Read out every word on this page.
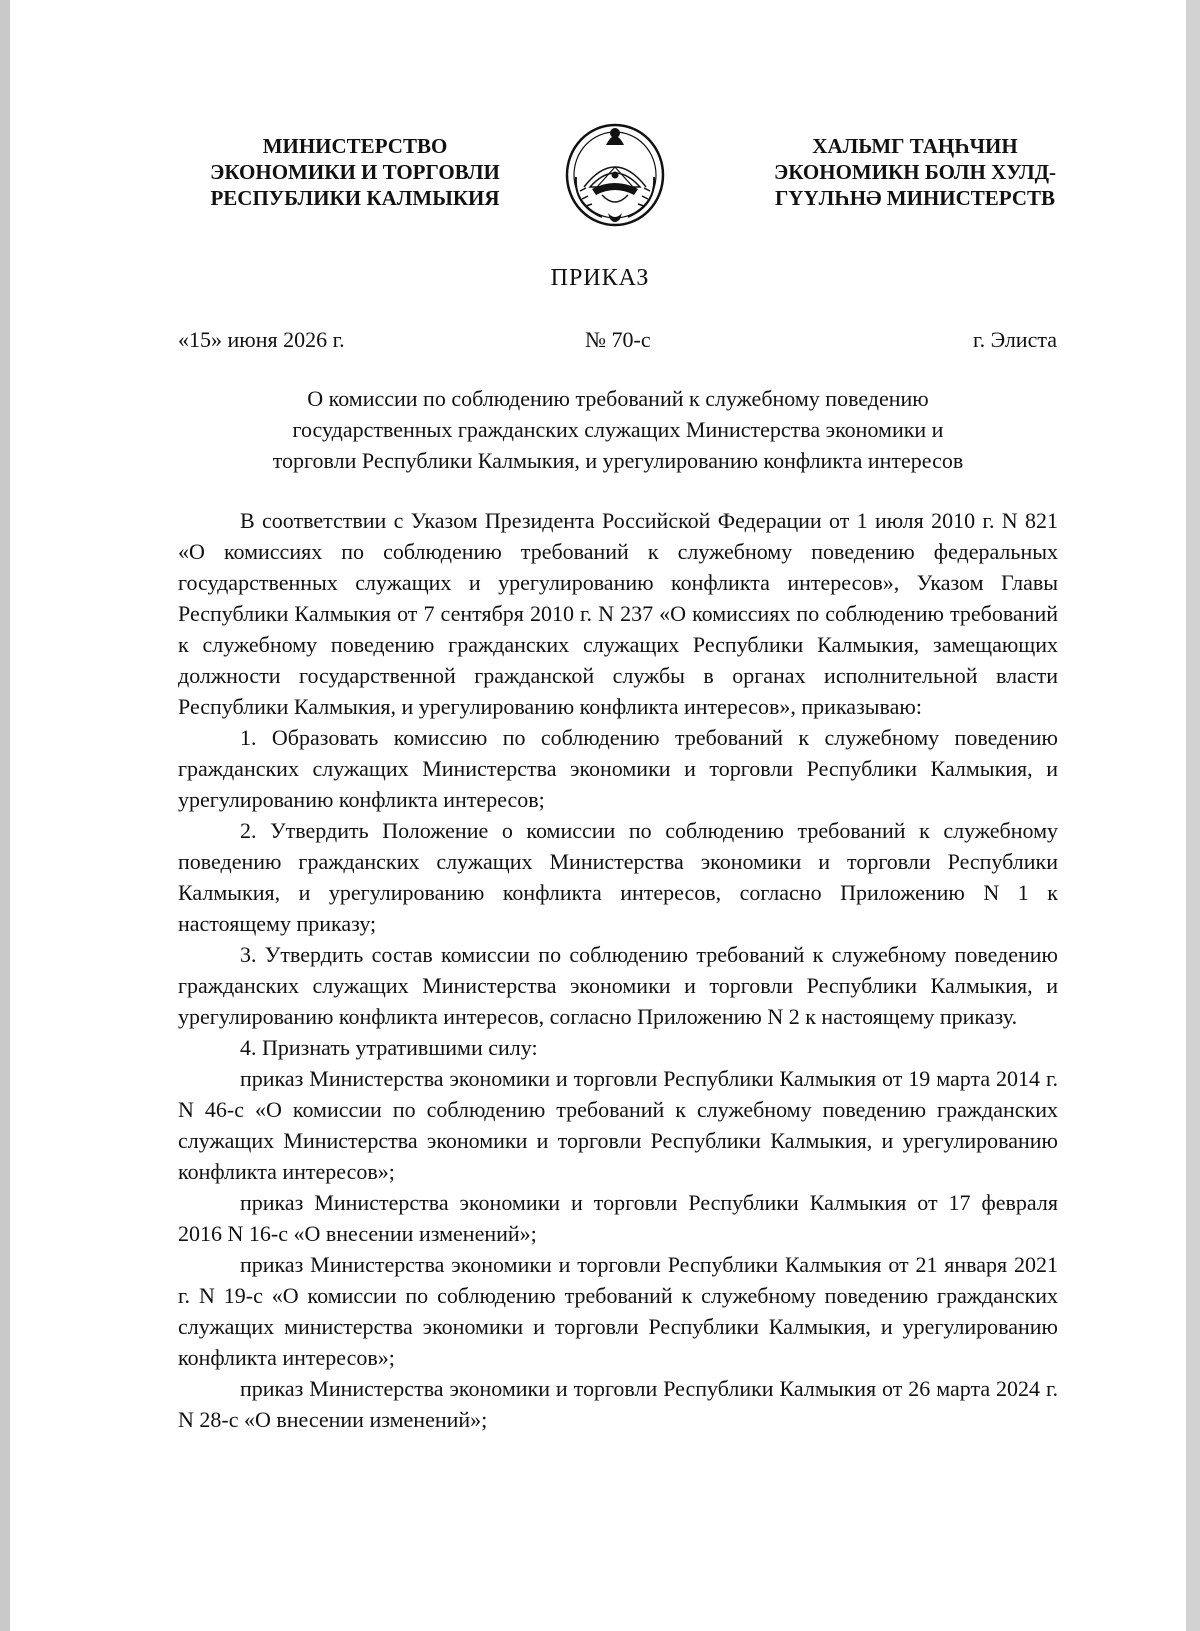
МИНИСТЕРСТВО
ЭКОНОМИКИ И ТОРГОВЛИ
РЕСПУБЛИКИ КАЛМЫКИЯ
ХАЛЬМГ ТАҢҺЧИН
ЭКОНОМИКН БОЛН ХУЛД-
ГҮҮЛҺНӘ МИНИСТЕРСТВ
ПРИКАЗ
«15» июня 2026 г.	№ 70-с	г. Элиста
О комиссии по соблюдению требований к служебному поведению
государственных гражданских служащих Министерства экономики и
торговли Республики Калмыкия, и урегулированию конфликта интересов

В соответствии с Указом Президента Российской Федерации от 1 июля 2010 г. N 821 «О комиссиях по соблюдению требований к служебному поведению федеральных государственных служащих и урегулированию конфликта интересов», Указом Главы Республики Калмыкия от 7 сентября 2010 г. N 237 «О комиссиях по соблюдению требований к служебному поведению гражданских служащих Республики Калмыкия, замещающих должности государственной гражданской службы в органах исполнительной власти Республики Калмыкия, и урегулированию конфликта интересов», приказываю:

1. Образовать комиссию по соблюдению требований к служебному поведению гражданских служащих Министерства экономики и торговли Республики Калмыкия, и урегулированию конфликта интересов;

2. Утвердить Положение о комиссии по соблюдению требований к служебному поведению гражданских служащих Министерства экономики и торговли Республики Калмыкия, и урегулированию конфликта интересов, согласно Приложению N 1 к настоящему приказу;

3. Утвердить состав комиссии по соблюдению требований к служебному поведению гражданских служащих Министерства экономики и торговли Республики Калмыкия, и урегулированию конфликта интересов, согласно Приложению N 2 к настоящему приказу.

4. Признать утратившими силу:

приказ Министерства экономики и торговли Республики Калмыкия от 19 марта 2014 г. N 46-с «О комиссии по соблюдению требований к служебному поведению гражданских служащих Министерства экономики и торговли Республики Калмыкия, и урегулированию конфликта интересов»;

приказ Министерства экономики и торговли Республики Калмыкия от 17 февраля 2016 N 16-с «О внесении изменений»;

приказ Министерства экономики и торговли Республики Калмыкия от 21 января 2021 г. N 19-с «О комиссии по соблюдению требований к служебному поведению гражданских служащих министерства экономики и торговли Республики Калмыкия, и урегулированию конфликта интересов»;

приказ Министерства экономики и торговли Республики Калмыкия от 26 марта 2024 г. N 28-с «О внесении изменений»;
